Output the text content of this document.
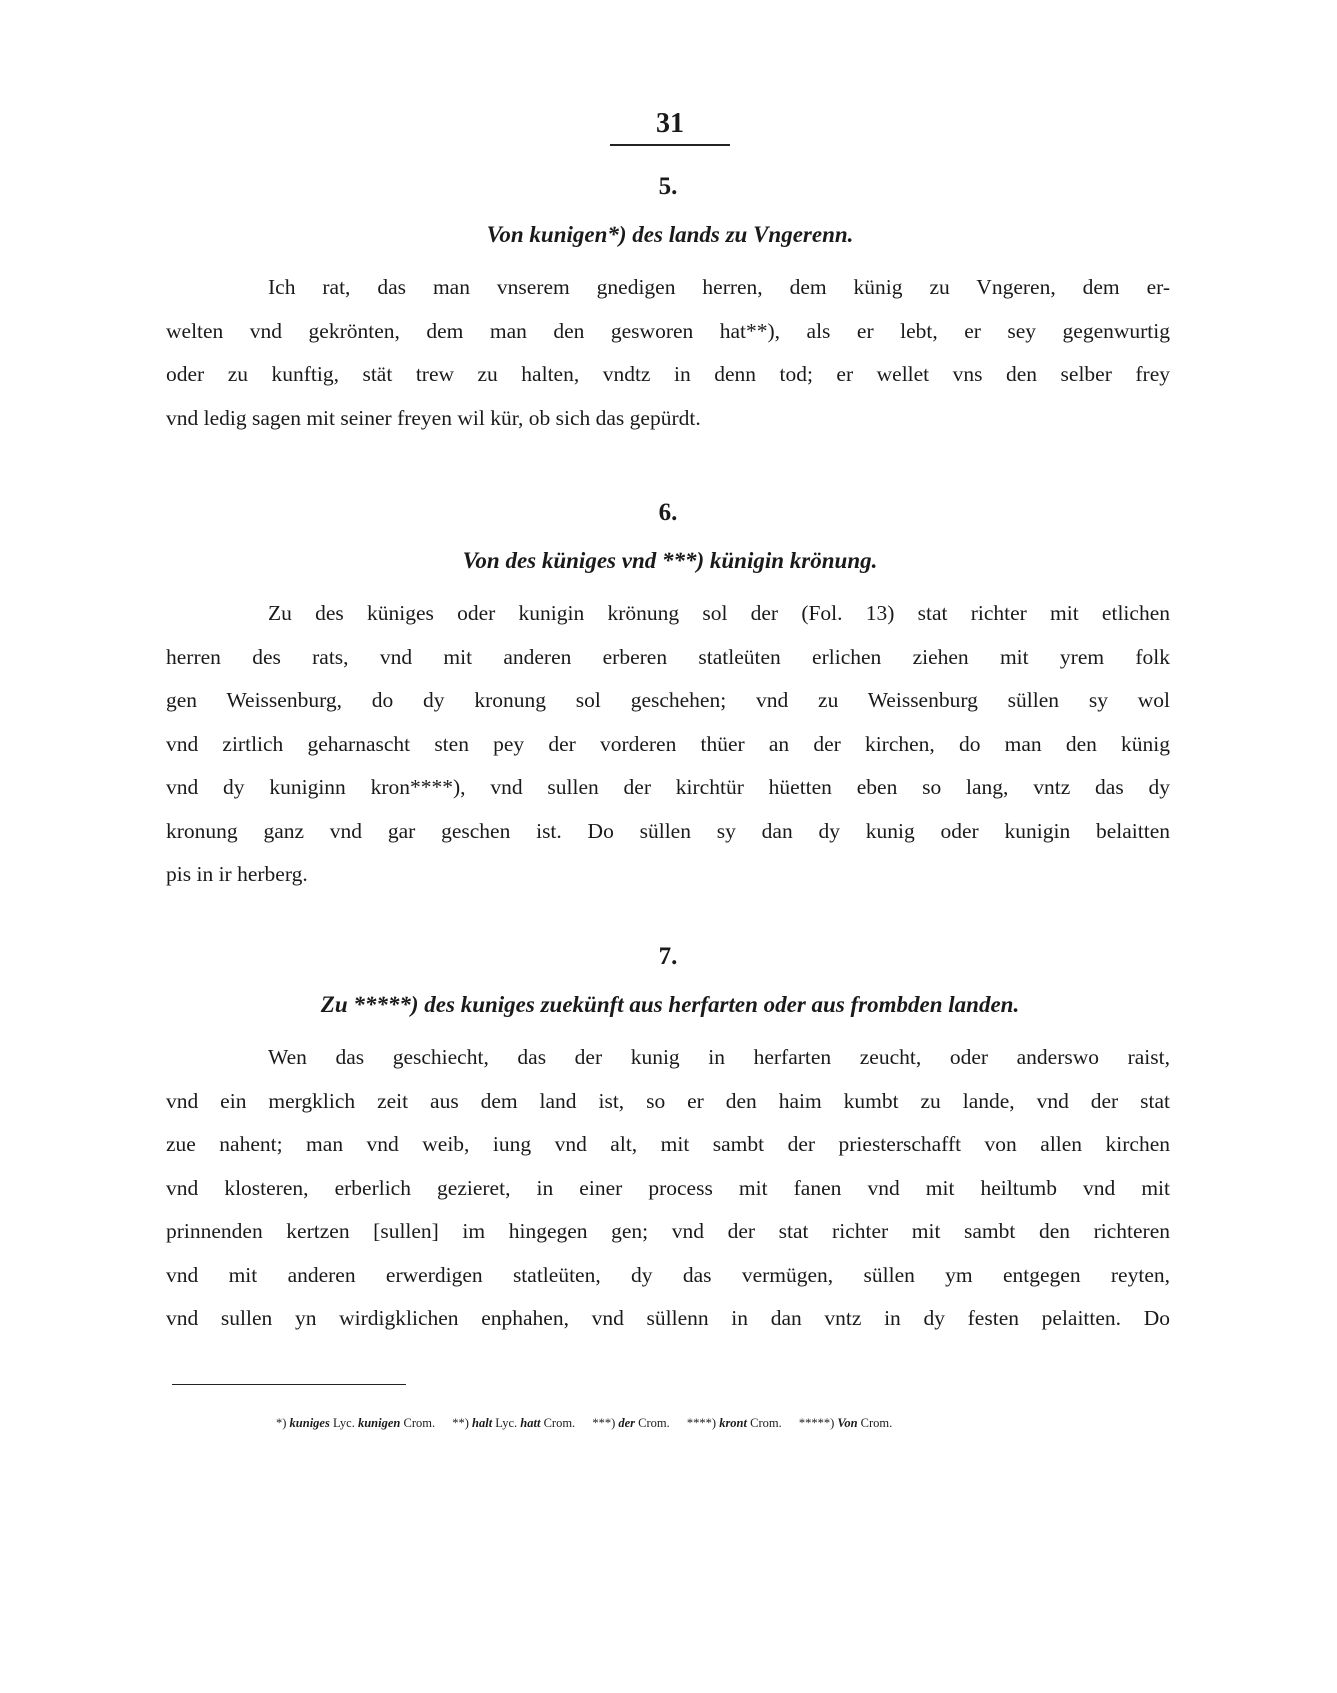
31
5.
Von kunigen*) des lands zu Vngerenn.
Ich rat, das man vnserem gnedigen herren, dem künig zu Vngeren, dem er-
welten vnd gekrönten, dem man den gesworen hat**), als er lebt, er sey gegenwurtig
oder zu kunftig, stät trew zu halten, vndtz in denn tod; er wellet vns den selber frey
vnd ledig sagen mit seiner freyen wil kür, ob sich das gepürdt.
6.
Von des küniges vnd ***) künigin krönung.
Zu des küniges oder kunigin krönung sol der (Fol. 13) stat richter mit etlichen
herren des rats, vnd mit anderen erberen statleüten erlichen ziehen mit yrem folk
gen Weissenburg, do dy kronung sol geschehen; vnd zu Weissenburg süllen sy wol
vnd zirtlich geharnascht sten pey der vorderen thüer an der kirchen, do man den künig
vnd dy kuniginn kron****), vnd sullen der kirchtür hüetten eben so lang, vntz das dy
kronung ganz vnd gar geschen ist. Do süllen sy dan dy kunig oder kunigin belaitten
pis in ir herberg.
7.
Zu *****) des kuniges zuekünft aus herfarten oder aus frombden landen.
Wen das geschiecht, das der kunig in herfarten zeucht, oder anderswo raist,
vnd ein mergklich zeit aus dem land ist, so er den haim kumbt zu lande, vnd der stat
zue nahent; man vnd weib, iung vnd alt, mit sambt der priesterschafft von allen kirchen
vnd klosteren, erberlich gezieret, in einer process mit fanen vnd mit heiltumb vnd mit
prinnenden kertzen [sullen] im hingegen gen; vnd der stat richter mit sambt den richteren
vnd mit anderen erwerdigen statleüten, dy das vermügen, süllen ym entgegen reyten,
vnd sullen yn wirdigklichen enphahen, vnd süllenn in dan vntz in dy festen pelaitten. Do
*) kuniges Lyc. kunigen Crom. **) halt Lyc. hatt Crom. ***) der Crom. ****) kront Crom. *****) Von Crom.
